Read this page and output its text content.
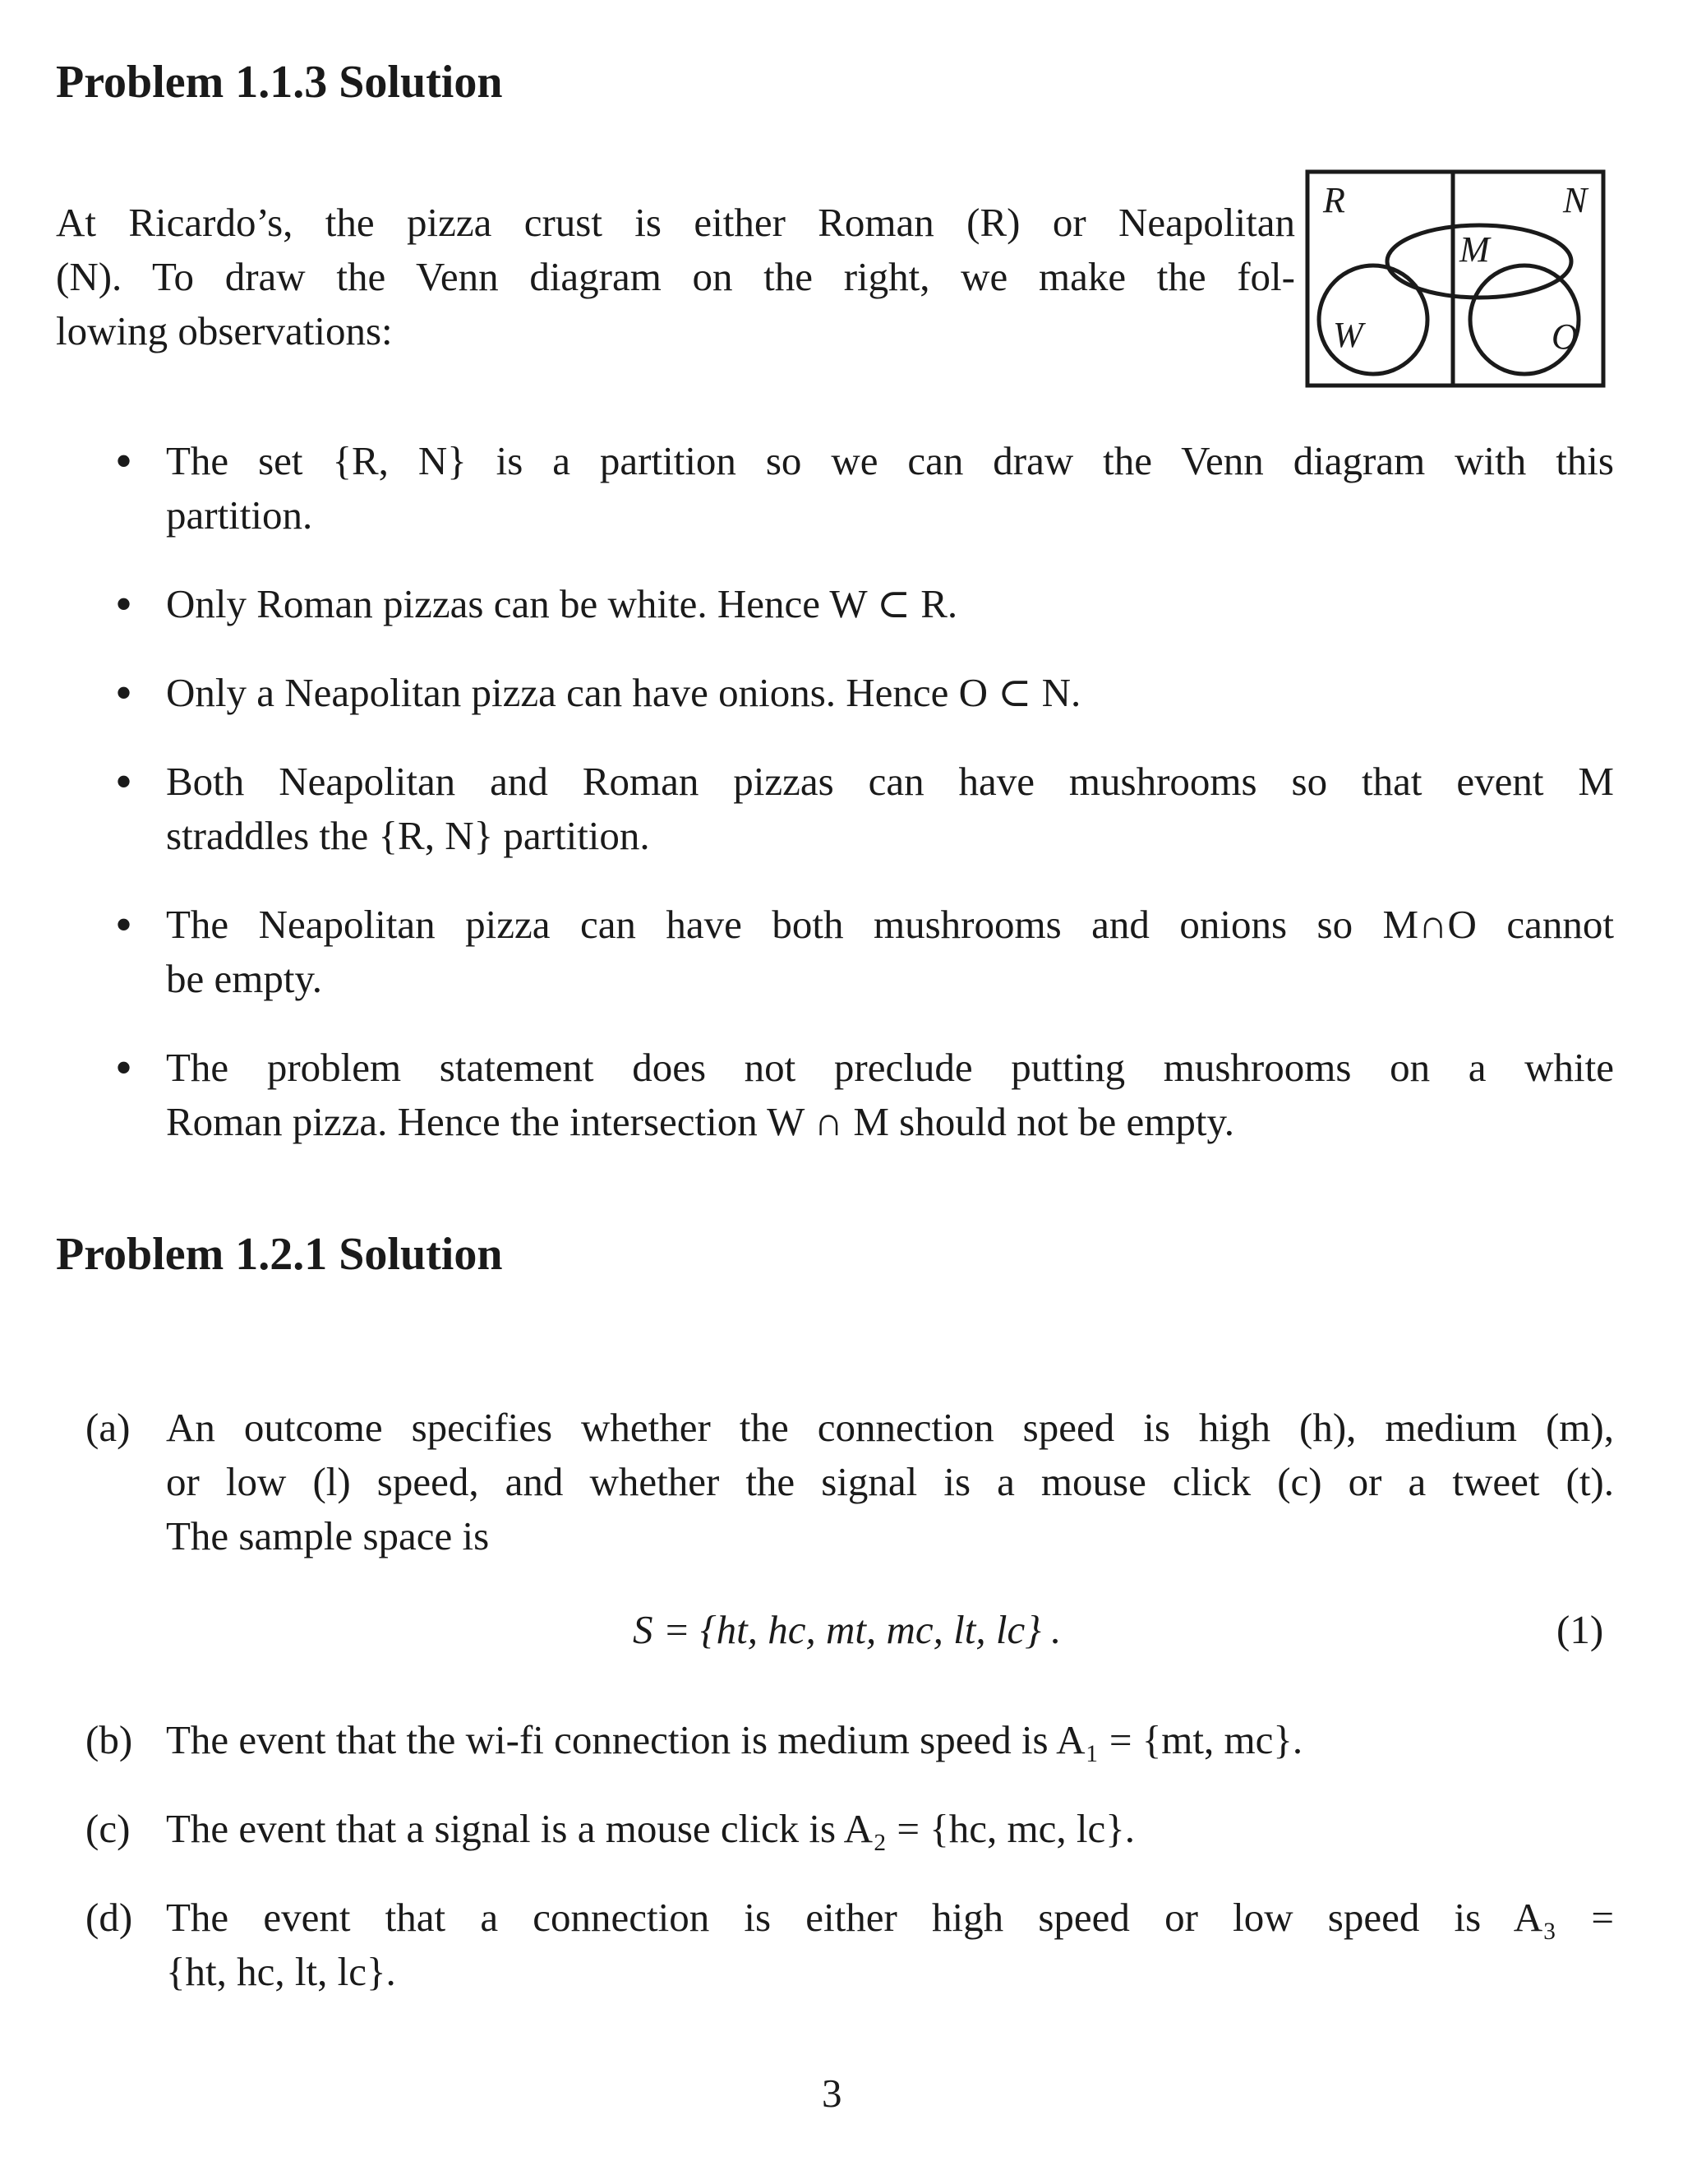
Problem 1.1.3 Solution
At Ricardo’s, the pizza crust is either Roman (R) or Neapolitan
(N). To draw the Venn diagram on the right, we make the fol-
lowing observations:
R	N
M
W	O
• The set {R, N} is a partition so we can draw the Venn diagram with this
partition.
• Only Roman pizzas can be white. Hence W ⊂ R.
• Only a Neapolitan pizza can have onions. Hence O ⊂ N.
• Both Neapolitan and Roman pizzas can have mushrooms so that event M
straddles the {R, N} partition.
• The Neapolitan pizza can have both mushrooms and onions so M∩O cannot
be empty.
• The problem statement does not preclude putting mushrooms on a white
Roman pizza. Hence the intersection W ∩ M should not be empty.
Problem 1.2.1 Solution
(a) An outcome specifies whether the connection speed is high (h), medium (m),
or low (l) speed, and whether the signal is a mouse click (c) or a tweet (t).
The sample space is
S = {ht, hc, mt, mc, lt, lc} .	(1)
(b) The event that the wi-fi connection is medium speed is A₁ = {mt, mc}.
(c) The event that a signal is a mouse click is A₂ = {hc, mc, lc}.
(d) The event that a connection is either high speed or low speed is A₃ =
{ht, hc, lt, lc}.
3
